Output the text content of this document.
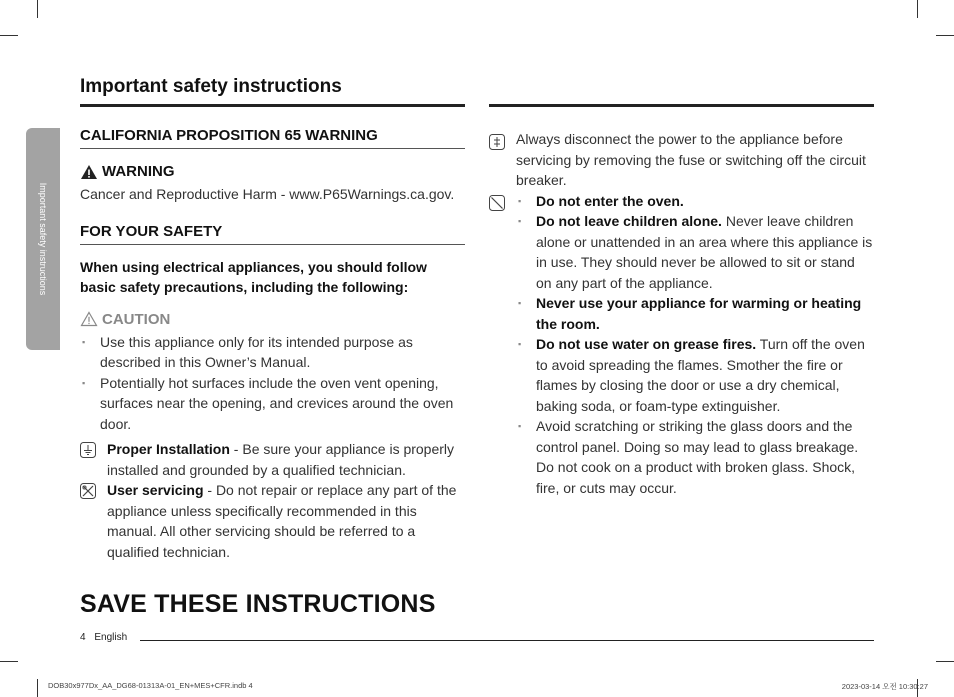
Important safety instructions
Important safety instructions
CALIFORNIA PROPOSITION 65 WARNING
WARNING
Cancer and Reproductive Harm - www.P65Warnings.ca.gov.
FOR YOUR SAFETY
When using electrical appliances, you should follow basic safety precautions, including the following:
CAUTION
▪ Use this appliance only for its intended purpose as described in this Owner’s Manual.
▪ Potentially hot surfaces include the oven vent opening, surfaces near the opening, and crevices around the oven door.
Proper Installation - Be sure your appliance is properly installed and grounded by a qualified technician.
User servicing - Do not repair or replace any part of the appliance unless specifically recommended in this manual. All other servicing should be referred to a qualified technician.
Always disconnect the power to the appliance before servicing by removing the fuse or switching off the circuit breaker.
▪ Do not enter the oven.
▪ Do not leave children alone. Never leave children alone or unattended in an area where this appliance is in use. They should never be allowed to sit or stand on any part of the appliance.
▪ Never use your appliance for warming or heating the room.
▪ Do not use water on grease fires. Turn off the oven to avoid spreading the flames. Smother the fire or flames by closing the door or use a dry chemical, baking soda, or foam-type extinguisher.
▪ Avoid scratching or striking the glass doors and the control panel. Doing so may lead to glass breakage. Do not cook on a product with broken glass. Shock, fire, or cuts may occur.
SAVE THESE INSTRUCTIONS
4 English
DOB30x977Dx_AA_DG68-01313A-01_EN+MES+CFR.indb 4	2023-03-14 오전 10:30:27
